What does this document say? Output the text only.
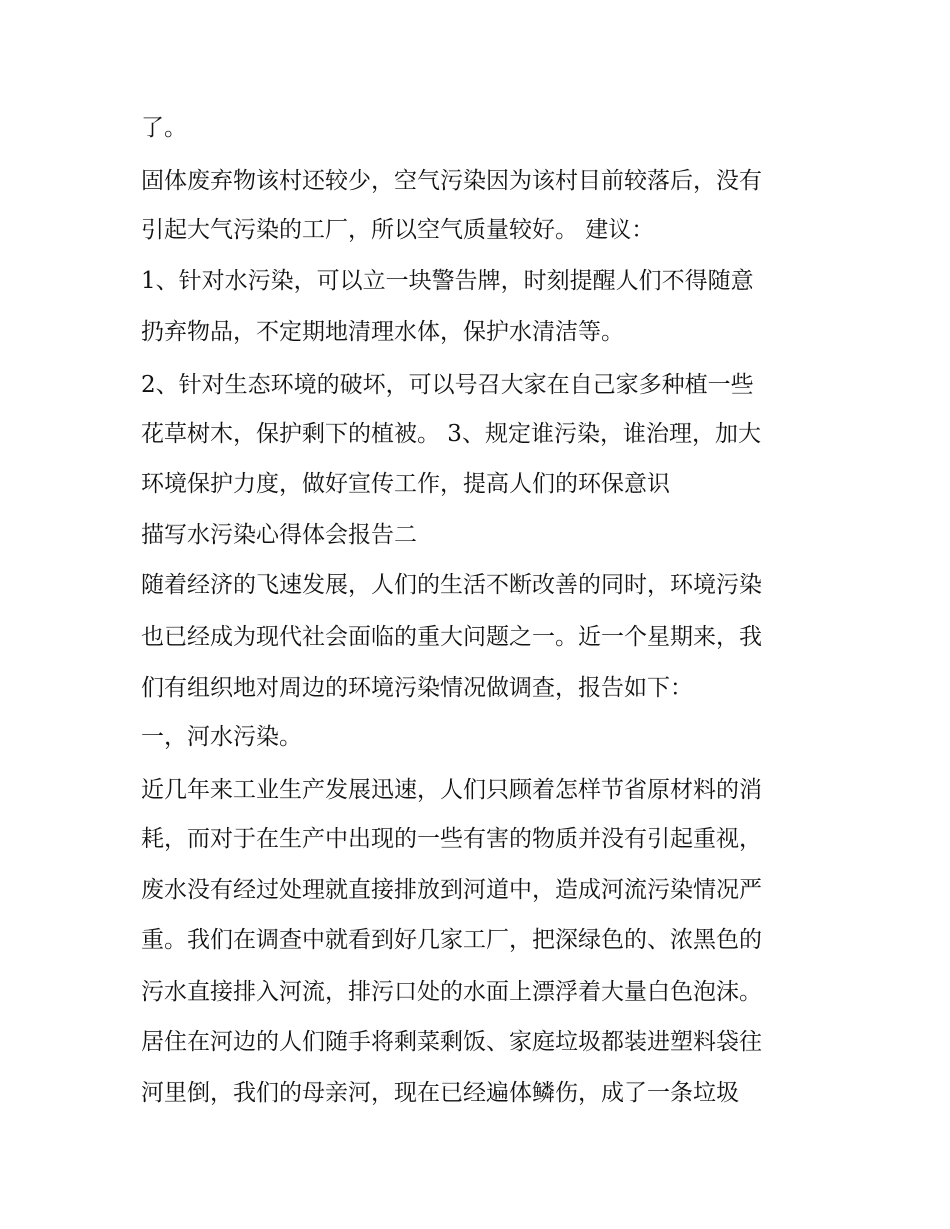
了。

固体废弃物该村还较少，空气污染因为该村目前较落后，没有

引起大气污染的工厂，所以空气质量较好。 建议：

1、针对水污染，可以立一块警告牌，时刻提醒人们不得随意

扔弃物品，不定期地清理水体，保护水清洁等。

2、针对生态环境的破坏，可以号召大家在自己家多种植一些

花草树木，保护剩下的植被。 3、规定谁污染，谁治理，加大

环境保护力度，做好宣传工作，提高人们的环保意识

描写水污染心得体会报告二

随着经济的飞速发展，人们的生活不断改善的同时，环境污染

也已经成为现代社会面临的重大问题之一。近一个星期来，我

们有组织地对周边的环境污染情况做调查，报告如下：

一，河水污染。

近几年来工业生产发展迅速，人们只顾着怎样节省原材料的消

耗，而对于在生产中出现的一些有害的物质并没有引起重视，

废水没有经过处理就直接排放到河道中，造成河流污染情况严

重。我们在调查中就看到好几家工厂，把深绿色的、浓黑色的

污水直接排入河流，排污口处的水面上漂浮着大量白色泡沫。

居住在河边的人们随手将剩菜剩饭、家庭垃圾都装进塑料袋往

河里倒，我们的母亲河，现在已经遍体鳞伤，成了一条垃圾
